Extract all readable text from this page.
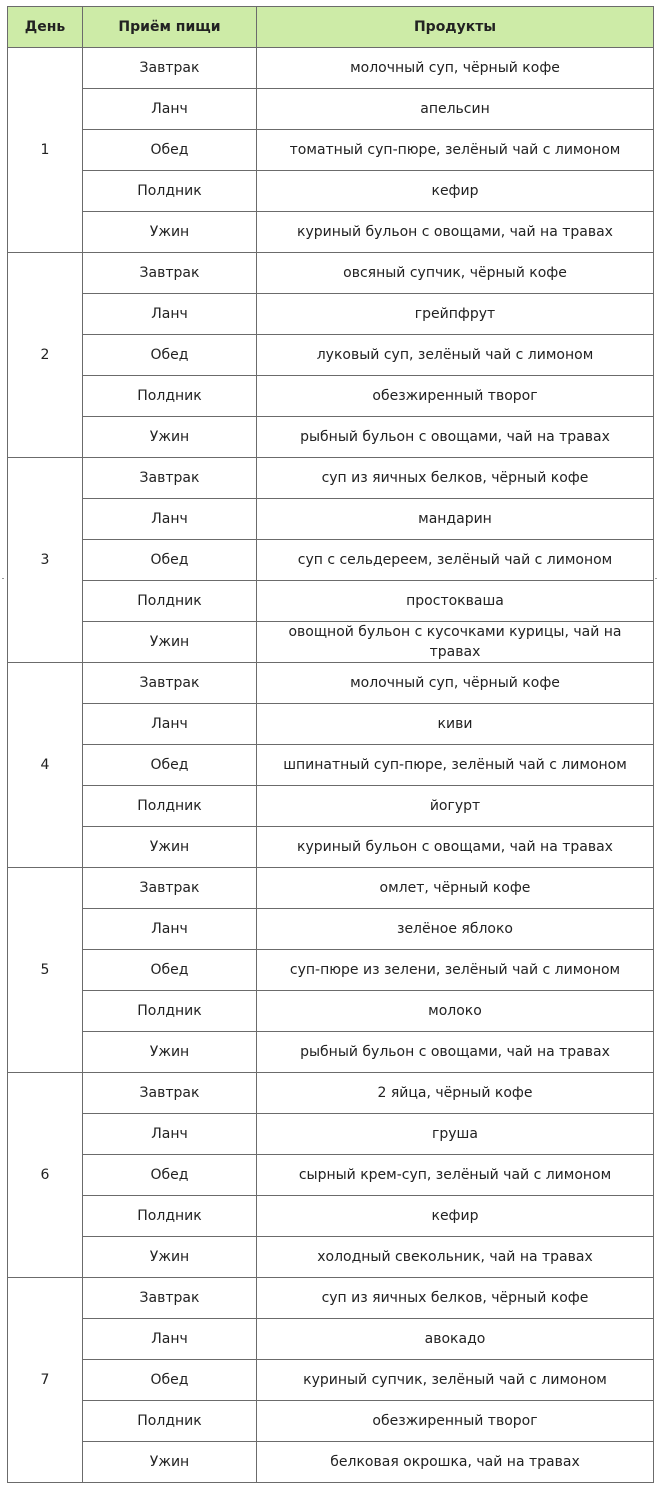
День	Приём пищи	Продукты
1	Завтрак	молочный суп, чёрный кофе
	Ланч	апельсин
	Обед	томатный суп-пюре, зелёный чай с лимоном
	Полдник	кефир
	Ужин	куриный бульон с овощами, чай на травах
2	Завтрак	овсяный супчик, чёрный кофе
	Ланч	грейпфрут
	Обед	луковый суп, зелёный чай с лимоном
	Полдник	обезжиренный творог
	Ужин	рыбный бульон с овощами, чай на травах
3	Завтрак	суп из яичных белков, чёрный кофе
	Ланч	мандарин
	Обед	суп с сельдереем, зелёный чай с лимоном
	Полдник	простокваша
	Ужин	овощной бульон с кусочками курицы, чай на травах
4	Завтрак	молочный суп, чёрный кофе
	Ланч	киви
	Обед	шпинатный суп-пюре, зелёный чай с лимоном
	Полдник	йогурт
	Ужин	куриный бульон с овощами, чай на травах
5	Завтрак	омлет, чёрный кофе
	Ланч	зелёное яблоко
	Обед	суп-пюре из зелени, зелёный чай с лимоном
	Полдник	молоко
	Ужин	рыбный бульон с овощами, чай на травах
6	Завтрак	2 яйца, чёрный кофе
	Ланч	груша
	Обед	сырный крем-суп, зелёный чай с лимоном
	Полдник	кефир
	Ужин	холодный свекольник, чай на травах
7	Завтрак	суп из яичных белков, чёрный кофе
	Ланч	авокадо
	Обед	куриный супчик, зелёный чай с лимоном
	Полдник	обезжиренный творог
	Ужин	белковая окрошка, чай на травах
